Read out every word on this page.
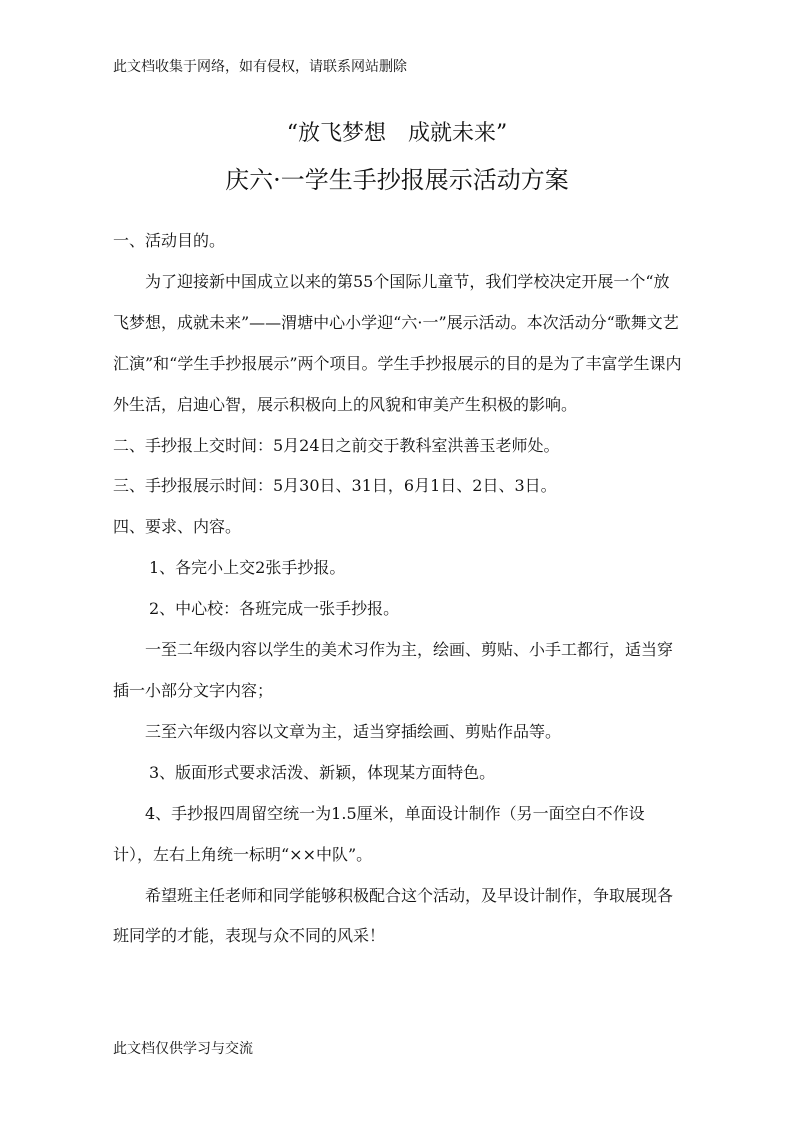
此文档收集于网络，如有侵权，请联系网站删除
“放飞梦想　成就未来”
庆六·一学生手抄报展示活动方案

一、活动目的。

为了迎接新中国成立以来的第55个国际儿童节，我们学校决定开展一个“放飞梦想，成就未来”——渭塘中心小学迎“六·一”展示活动。本次活动分“歌舞文艺汇演”和“学生手抄报展示”两个项目。学生手抄报展示的目的是为了丰富学生课内外生活，启迪心智，展示积极向上的风貌和审美产生积极的影响。

二、手抄报上交时间：5月24日之前交于教科室洪善玉老师处。

三、手抄报展示时间：5月30日、31日，6月1日、2日、3日。

四、要求、内容。

1、各完小上交2张手抄报。

2、中心校：各班完成一张手抄报。

一至二年级内容以学生的美术习作为主，绘画、剪贴、小手工都行，适当穿插一小部分文字内容；

三至六年级内容以文章为主，适当穿插绘画、剪贴作品等。

3、版面形式要求活泼、新颖，体现某方面特色。

4、手抄报四周留空统一为1.5厘米，单面设计制作（另一面空白不作设计），左右上角统一标明“××中队”。

希望班主任老师和同学能够积极配合这个活动，及早设计制作，争取展现各班同学的才能，表现与众不同的风采！

此文档仅供学习与交流
